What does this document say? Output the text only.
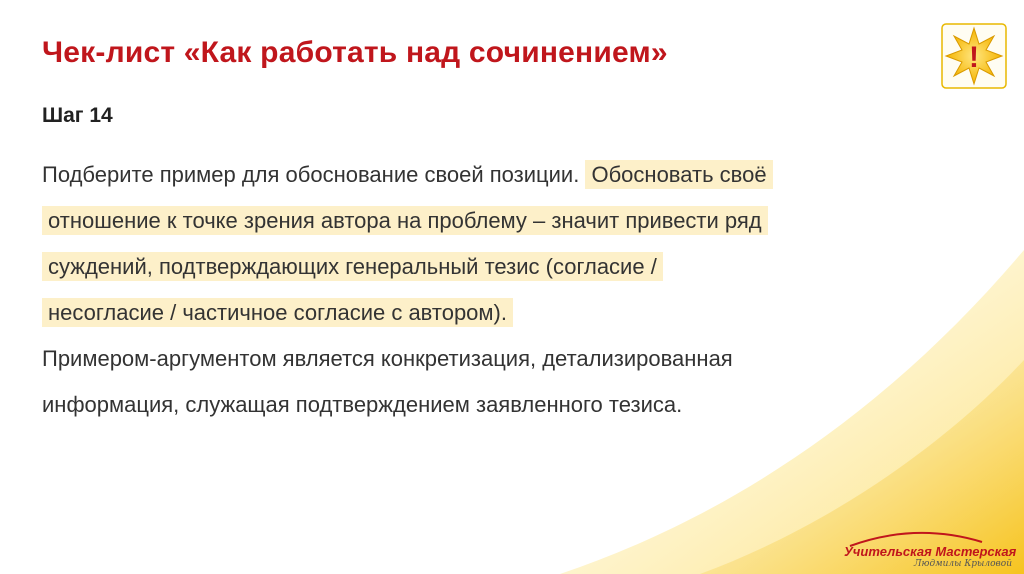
Чек-лист «Как работать над сочинением»
Шаг 14
Подберите пример для обоснование своей позиции. Обосновать своё
отношение к точке зрения автора на проблему – значит привести ряд
суждений, подтверждающих генеральный тезис (согласие /
несогласие / частичное согласие с автором).
Примером-аргументом является конкретизация, детализированная
информация, служащая подтверждением заявленного тезиса.
!
Учительская Мастерская
Людмилы Крыловой
